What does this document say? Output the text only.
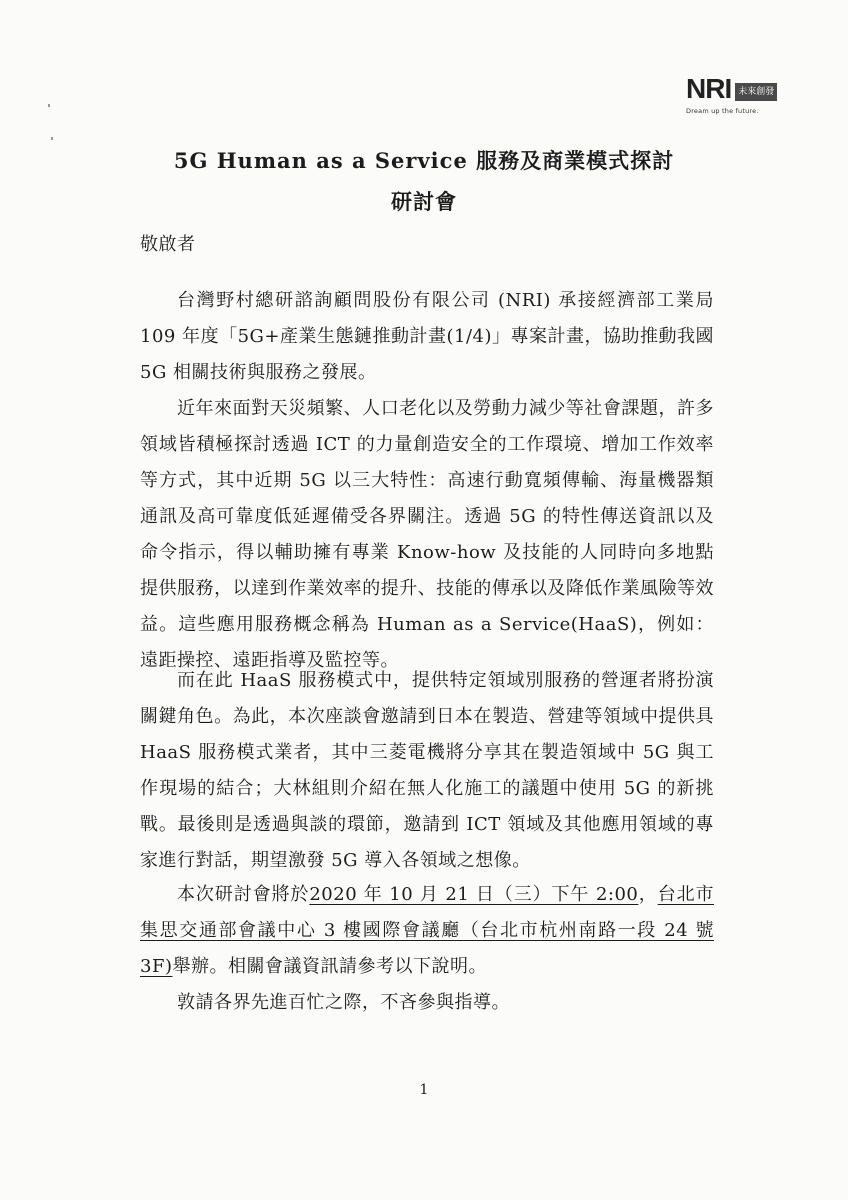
NRI 未來創發
Dream up the future.
5G Human as a Service 服務及商業模式探討
研討會

敬啟者

台灣野村總研諮詢顧問股份有限公司 (NRI) 承接經濟部工業局 109 年度「5G+產業生態鏈推動計畫(1/4)」專案計畫，協助推動我國 5G 相關技術與服務之發展。

近年來面對天災頻繁、人口老化以及勞動力減少等社會課題，許多領域皆積極探討透過 ICT 的力量創造安全的工作環境、增加工作效率等方式，其中近期 5G 以三大特性：高速行動寬頻傳輸、海量機器類通訊及高可靠度低延遲備受各界關注。透過 5G 的特性傳送資訊以及命令指示，得以輔助擁有專業 Know-how 及技能的人同時向多地點提供服務，以達到作業效率的提升、技能的傳承以及降低作業風險等效益。這些應用服務概念稱為 Human as a Service(HaaS)，例如：遠距操控、遠距指導及監控等。

而在此 HaaS 服務模式中，提供特定領域別服務的營運者將扮演關鍵角色。為此，本次座談會邀請到日本在製造、營建等領域中提供具 HaaS 服務模式業者，其中三菱電機將分享其在製造領域中 5G 與工作現場的結合；大林組則介紹在無人化施工的議題中使用 5G 的新挑戰。最後則是透過與談的環節，邀請到 ICT 領域及其他應用領域的專家進行對話，期望激發 5G 導入各領域之想像。

本次研討會將於2020 年 10 月 21 日（三）下午 2:00，台北市集思交通部會議中心 3 樓國際會議廳（台北市杭州南路一段 24 號 3F)舉辦。相關會議資訊請參考以下說明。

敦請各界先進百忙之際，不吝參與指導。

1
